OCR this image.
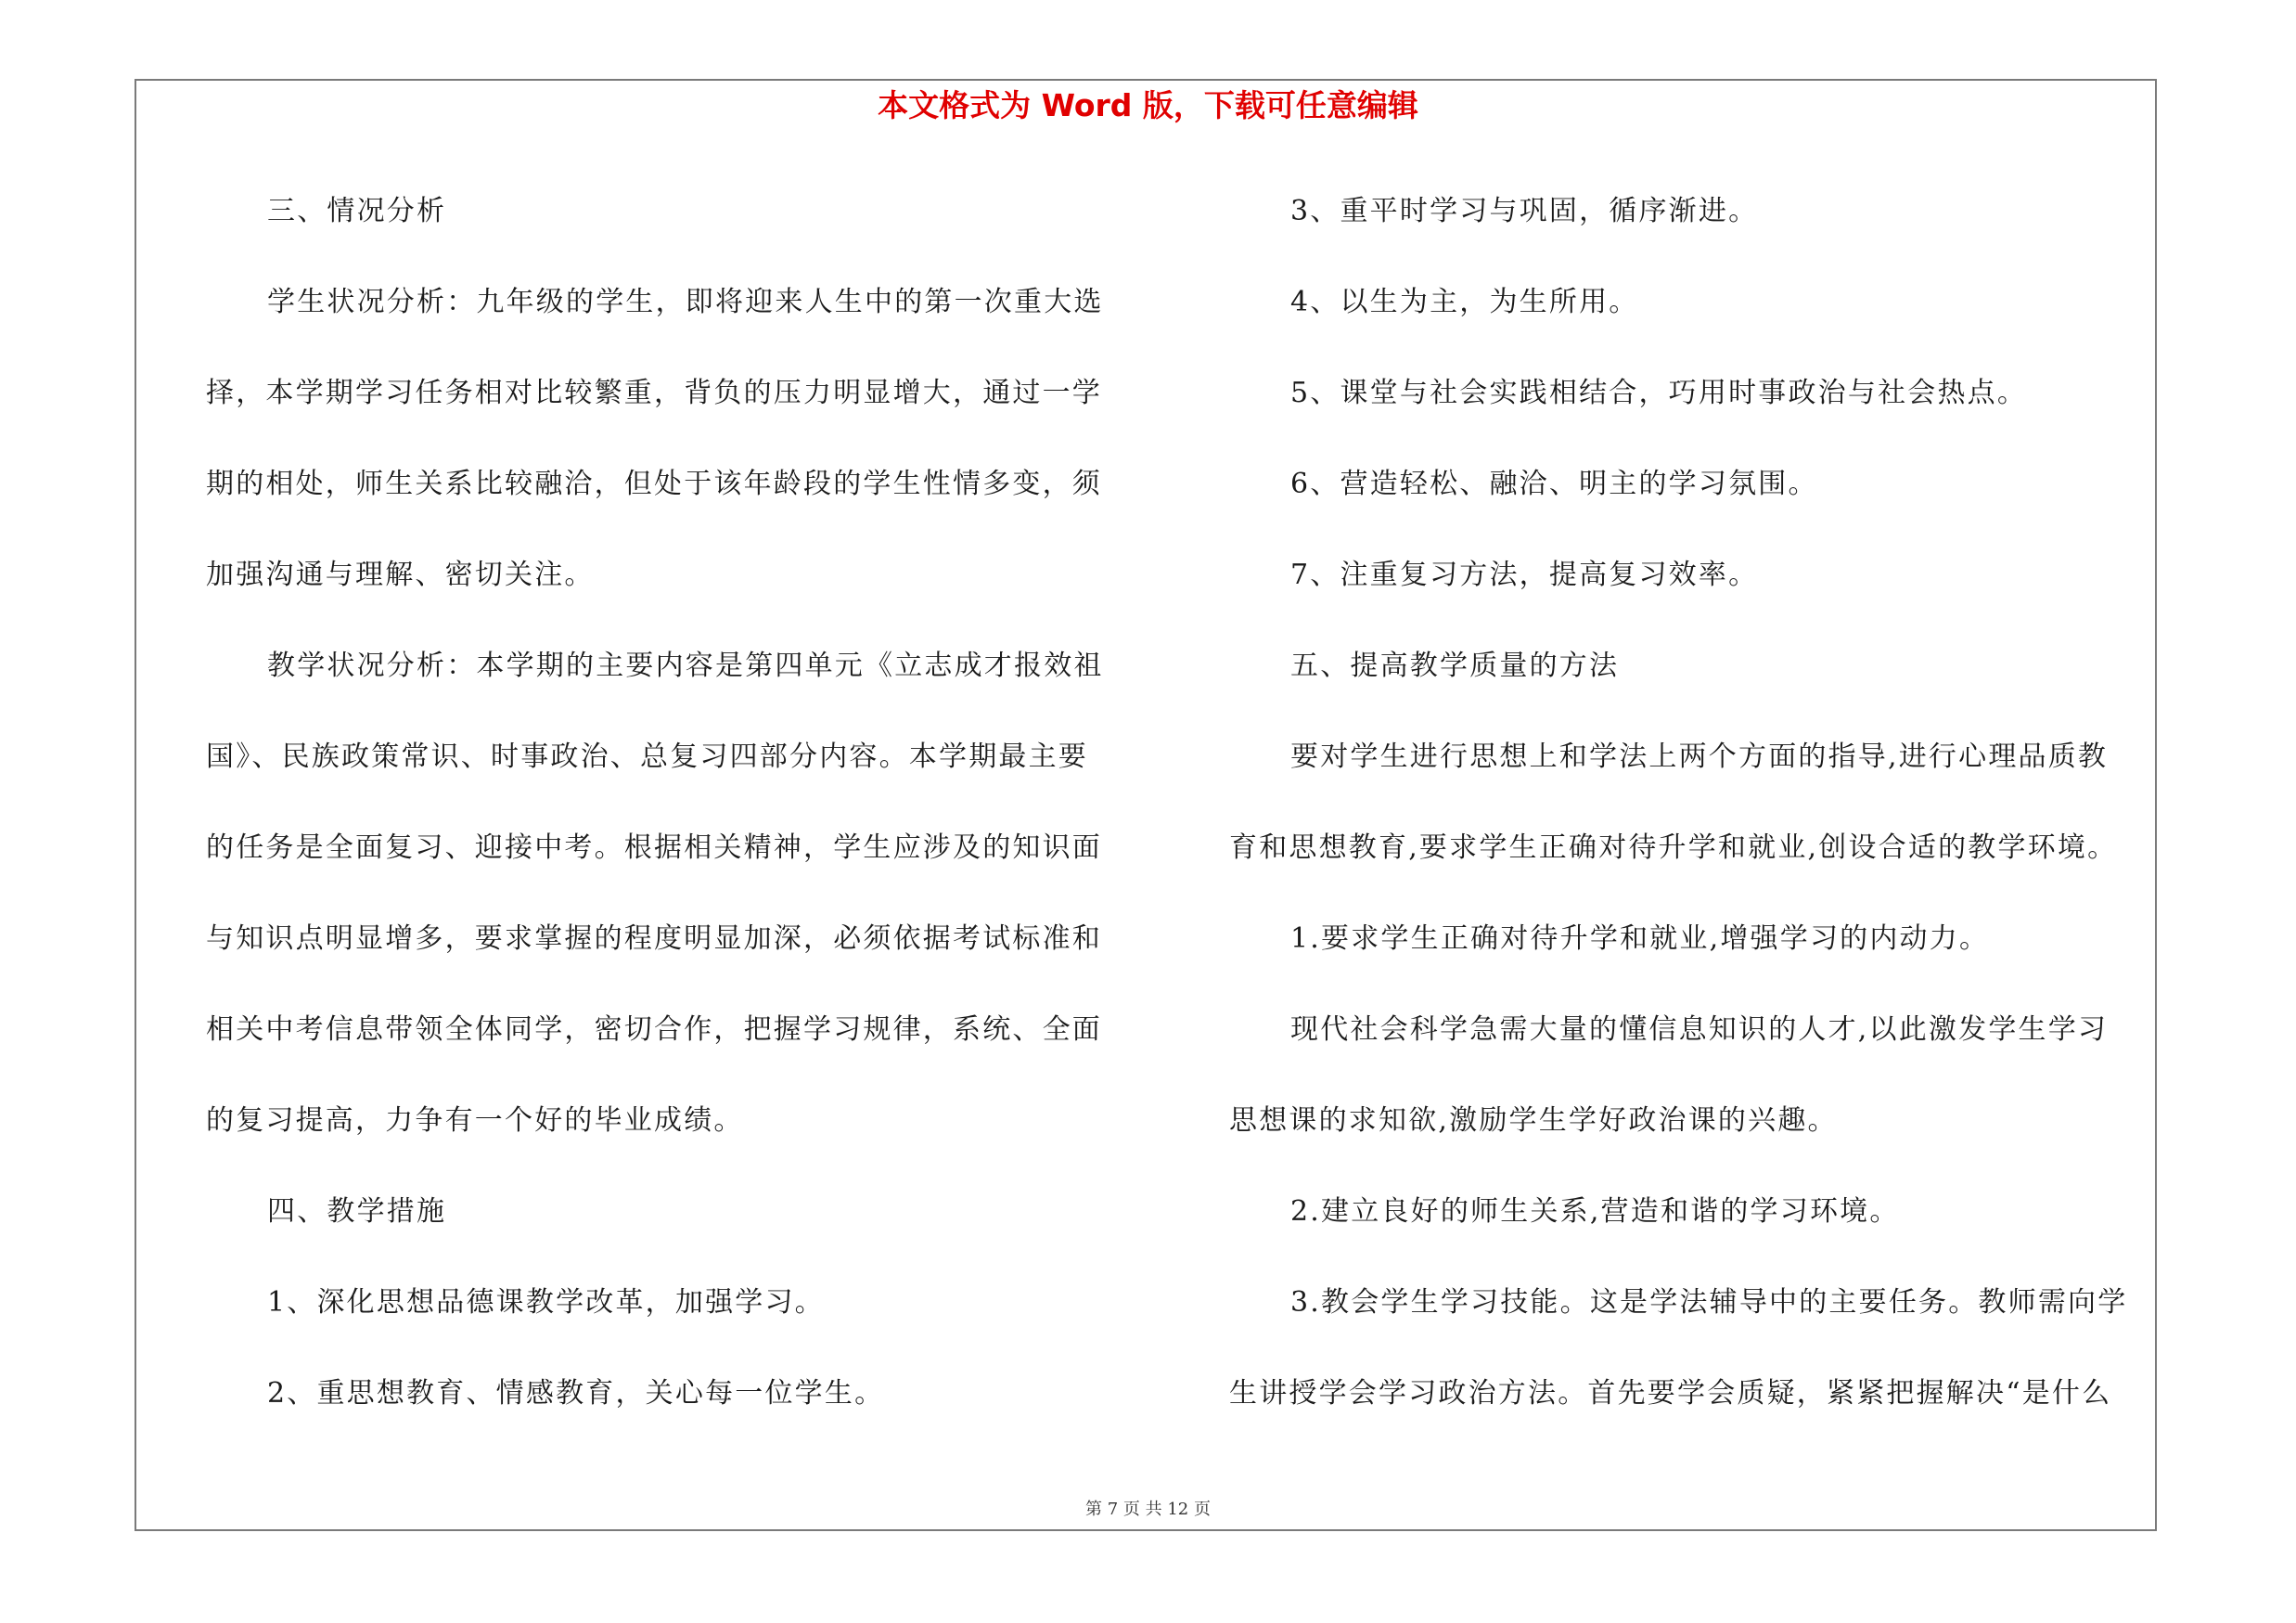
本文格式为 Word 版，下载可任意编辑
三、情况分析
学生状况分析：九年级的学生，即将迎来人生中的第一次重大选
择，本学期学习任务相对比较繁重，背负的压力明显增大，通过一学
期的相处，师生关系比较融洽，但处于该年龄段的学生性情多变，须
加强沟通与理解、密切关注。
教学状况分析：本学期的主要内容是第四单元《立志成才报效祖
国》、民族政策常识、时事政治、总复习四部分内容。本学期最主要
的任务是全面复习、迎接中考。根据相关精神，学生应涉及的知识面
与知识点明显增多，要求掌握的程度明显加深，必须依据考试标准和
相关中考信息带领全体同学，密切合作，把握学习规律，系统、全面
的复习提高，力争有一个好的毕业成绩。
四、教学措施
1、深化思想品德课教学改革，加强学习。
2、重思想教育、情感教育，关心每一位学生。
3、重平时学习与巩固，循序渐进。
4、以生为主，为生所用。
5、课堂与社会实践相结合，巧用时事政治与社会热点。
6、营造轻松、融洽、明主的学习氛围。
7、注重复习方法，提高复习效率。
五、提高教学质量的方法
要对学生进行思想上和学法上两个方面的指导,进行心理品质教
育和思想教育,要求学生正确对待升学和就业,创设合适的教学环境。
1.要求学生正确对待升学和就业,增强学习的内动力。
现代社会科学急需大量的懂信息知识的人才,以此激发学生学习
思想课的求知欲,激励学生学好政治课的兴趣。
2.建立良好的师生关系,营造和谐的学习环境。
3.教会学生学习技能。这是学法辅导中的主要任务。教师需向学
生讲授学会学习政治方法。首先要学会质疑，紧紧把握解决“是什么
第 7 页 共 12 页
